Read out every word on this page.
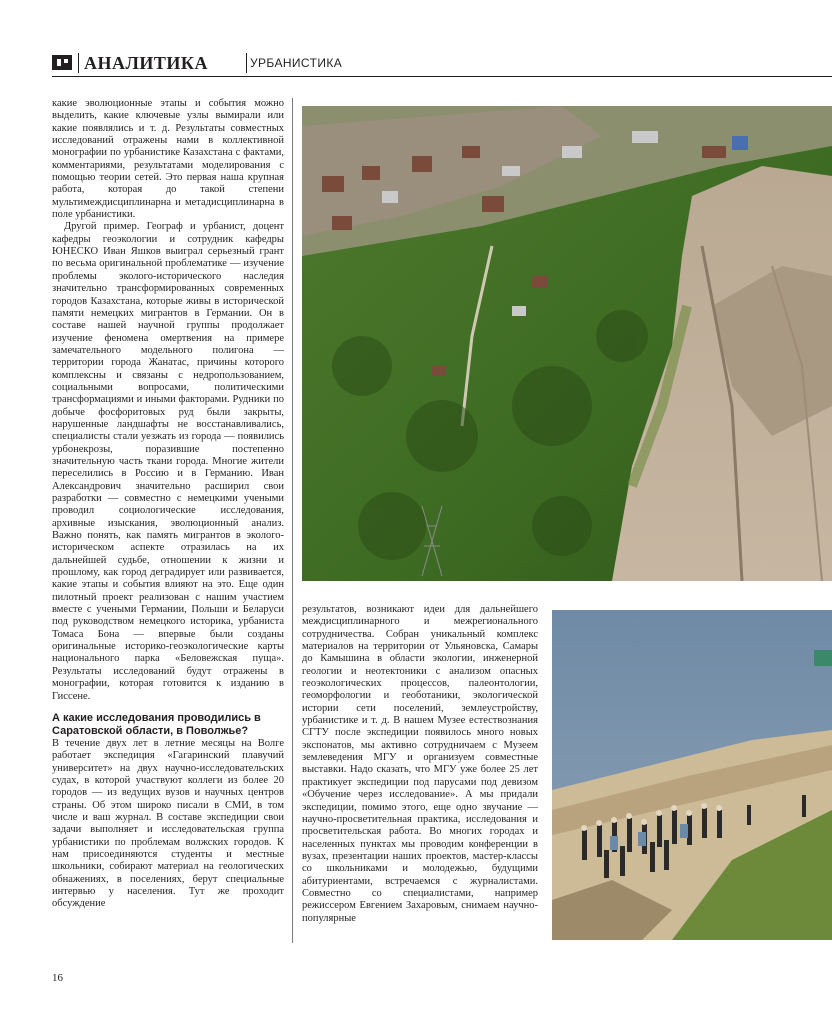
АНАЛИТИКА	УРБАНИСТИКА

какие эволюционные этапы и события можно выделить, какие ключевые узлы вымирали или какие появлялись и т. д. Результаты совместных исследований отражены нами в коллективной монографии по урбанистике Казахстана с фактами, комментариями, результатами моделирования с помощью теории сетей. Это первая наша крупная работа, которая до такой степени мультимеждисциплинарна и метадисциплинарна в поле урбанистики.

Другой пример. Географ и урбанист, доцент кафедры геоэкологии и сотрудник кафедры ЮНЕСКО Иван Яшков выиграл серьезный грант по весьма оригинальной проблематике — изучение проблемы эколого-исторического наследия значительно трансформированных современных городов Казахстана, которые живы в исторической памяти немецких мигрантов в Германии. Он в составе нашей научной группы продолжает изучение феномена омертвения на примере замечательного модельного полигона — территории города Жанатас, причины которого комплексны и связаны с недропользованием, социальными вопросами, политическими трансформациями и иными факторами. Рудники по добыче фосфоритовых руд были закрыты, нарушенные ландшафты не восстанавливались, специалисты стали уезжать из города — появились урбонекрозы, поразившие постепенно значительную часть ткани города. Многие жители переселились в Россию и в Германию. Иван Александрович значительно расширил свои разработки — совместно с немецкими учеными проводил социологические исследования, архивные изыскания, эволюционный анализ. Важно понять, как память мигрантов в эколого-историческом аспекте отразилась на их дальнейшей судьбе, отношении к жизни и прошлому, как город деградирует или развивается, какие этапы и события влияют на это. Еще один пилотный проект реализован с нашим участием вместе с учеными Германии, Польши и Беларуси под руководством немецкого историка, урбаниста Томаса Бона — впервые были созданы оригинальные историко-геоэкологические карты национального парка «Беловежская пуща». Результаты исследований будут отражены в монографии, которая готовится к изданию в Гиссене.

А какие исследования проводились в Саратовской области, в Поволжье?

В течение двух лет в летние месяцы на Волге работает экспедиция «Гагаринский плавучий университет» на двух научно-исследовательских судах, в которой участвуют коллеги из более 20 городов — из ведущих вузов и научных центров страны. Об этом широко писали в СМИ, в том числе и ваш журнал. В составе экспедиции свои задачи выполняет и исследовательская группа урбанистики по проблемам волжских городов. К нам присоединяются студенты и местные школьники, собирают материал на геологических обнажениях, в поселениях, берут специальные интервью у населения. Тут же проходит обсуждение

результатов, возникают идеи для дальнейшего междисциплинарного и межрегионального сотрудничества. Собран уникальный комплекс материалов на территории от Ульяновска, Самары до Камышина в области экологии, инженерной геологии и неотектоники с анализом опасных геоэкологических процессов, палеонтологии, геоморфологии и геоботаники, экологической истории сети поселений, землеустройству, урбанистике и т. д. В нашем Музее естествознания СГТУ после экспедиции появилось много новых экспонатов, мы активно сотрудничаем с Музеем землеведения МГУ и организуем совместные выставки. Надо сказать, что МГУ уже более 25 лет практикует экспедиции под парусами под девизом «Обучение через исследование». А мы придали экспедиции, помимо этого, еще одно звучание — научно-просветительная практика, исследования и просветительская работа. Во многих городах и населенных пунктах мы проводим конференции в вузах, презентации наших проектов, мастер-классы со школьниками и молодежью, будущими абитуриентами, встречаемся с журналистами. Совместно со специалистами, например режиссером Евгением Захаровым, снимаем научно-популярные

16
